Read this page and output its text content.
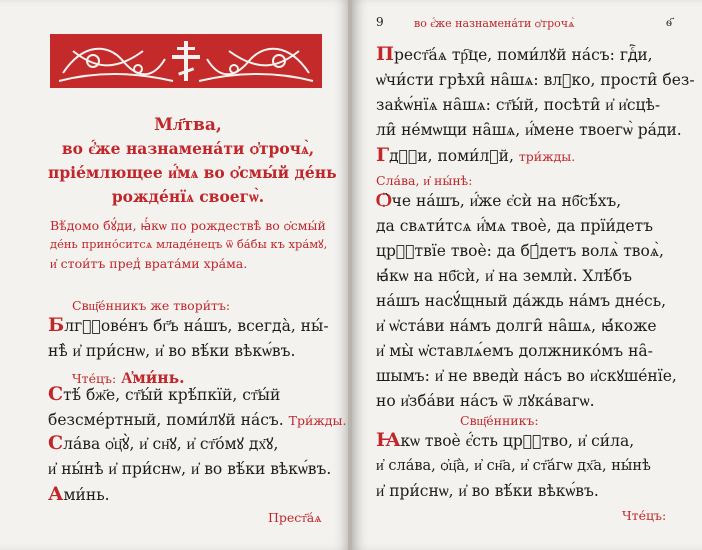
Мл҃тва,
во є҆́же назнамена́ти ѻ҆трочѧ̀,
пріе́млющее и҆́мѧ во ѻ҆смы́й де́нь
рожде́нїѧ своегѡ̀.
Вѣ́домо бꙋ́ди, ꙗ҆́кѡ по рождествѣ̀ во ѻ҆смы́й
де́нь прино́ситсѧ младе́нецъ ѿ ба́бы къ хра́мꙋ,
и҆ стои́тъ пред̾ врата́ми хра́ма.
Свщ҃е́нникъ же твори́тъ:
Блгⷭ҇ове́нъ бг҃ъ на́шъ, всегда̀, ны́-
нѣ̀ и҆ при́снѡ, и҆ во вѣ́ки вѣкѡ́въ.
Чте́цъ: А҆ми́нь.
Стѣ́ бж҃е, ст҃ы́й крѣ́пкїй, ст҃ы́й
безсме́ртный, поми́лꙋй на́съ. Три́жды.
Сла́ва ѻ҆ц҃ꙋ̀, и҆ сн҃ꙋ, и҆ ст҃о́мꙋ дх҃ꙋ,
и҆ ны́нѣ и҆ при́снѡ, и҆ во вѣ́ки вѣкѡ́въ.
Ами́нь.
Прест҃а́ѧ
9	во є҆́же назнамена́ти ѻ҆трочѧ̀	ѳ҃
Прест҃а́ѧ тр҇це, поми́лꙋй на́съ: гдⷭ҇и,
ѡ҆чи́сти грѣхи̑ на̑шѧ: влⷣко, прости̑ без-
зак̾ѡ́нїѧ на̑шѧ: ст҃ы́й, посѣти̑ и҆ и҆сцѣ-
ли̑ не́мѡщи на̑шѧ, и҆́мене твоегѡ̀ ра́ди.
Гдⷭ҇и, поми́лꙋй, три́жды.
Сла́ва, и҆ ны́нѣ:
Ѻ̀че на́шъ, и҆́же є҆сѝ на нб҃сѣ́хъ,
да свѧти́тсѧ и҆́мѧ твоѐ, да прїи́детъ
црⷭ҇твїе твоѐ: да бꙋ́детъ волѧ̀ твоѧ̀,
ꙗ҆́кѡ на нб҃сѝ, и҆ на землѝ. Хлѣ́бъ
на́шъ насꙋ́щный да́ждь на́мъ дне́сь,
и҆ ѡ҆ста́ви на́мъ долги̑ на̑шѧ, ꙗ҆́коже
и҆ мы̀ ѡ҆ставлѧ́емъ должнико́мъ на̑-
шымъ: и҆ не введѝ на́съ во и҆скꙋше́нїе,
но и҆зба́ви на́съ ѿ лꙋка́вагѡ.
Свщ҃е́нникъ:
Ꙗкѡ твоѐ є҆́сть црⷭ҇тво, и҆ си́ла,
и҆ сла́ва, ѻ҆ц҃а̀, и҆ сн҃а, и҆ ст҃а́гѡ дх҃а, ны́нѣ
и҆ при́снѡ, и҆ во вѣ́ки вѣкѡ́въ.
Чте́цъ:
